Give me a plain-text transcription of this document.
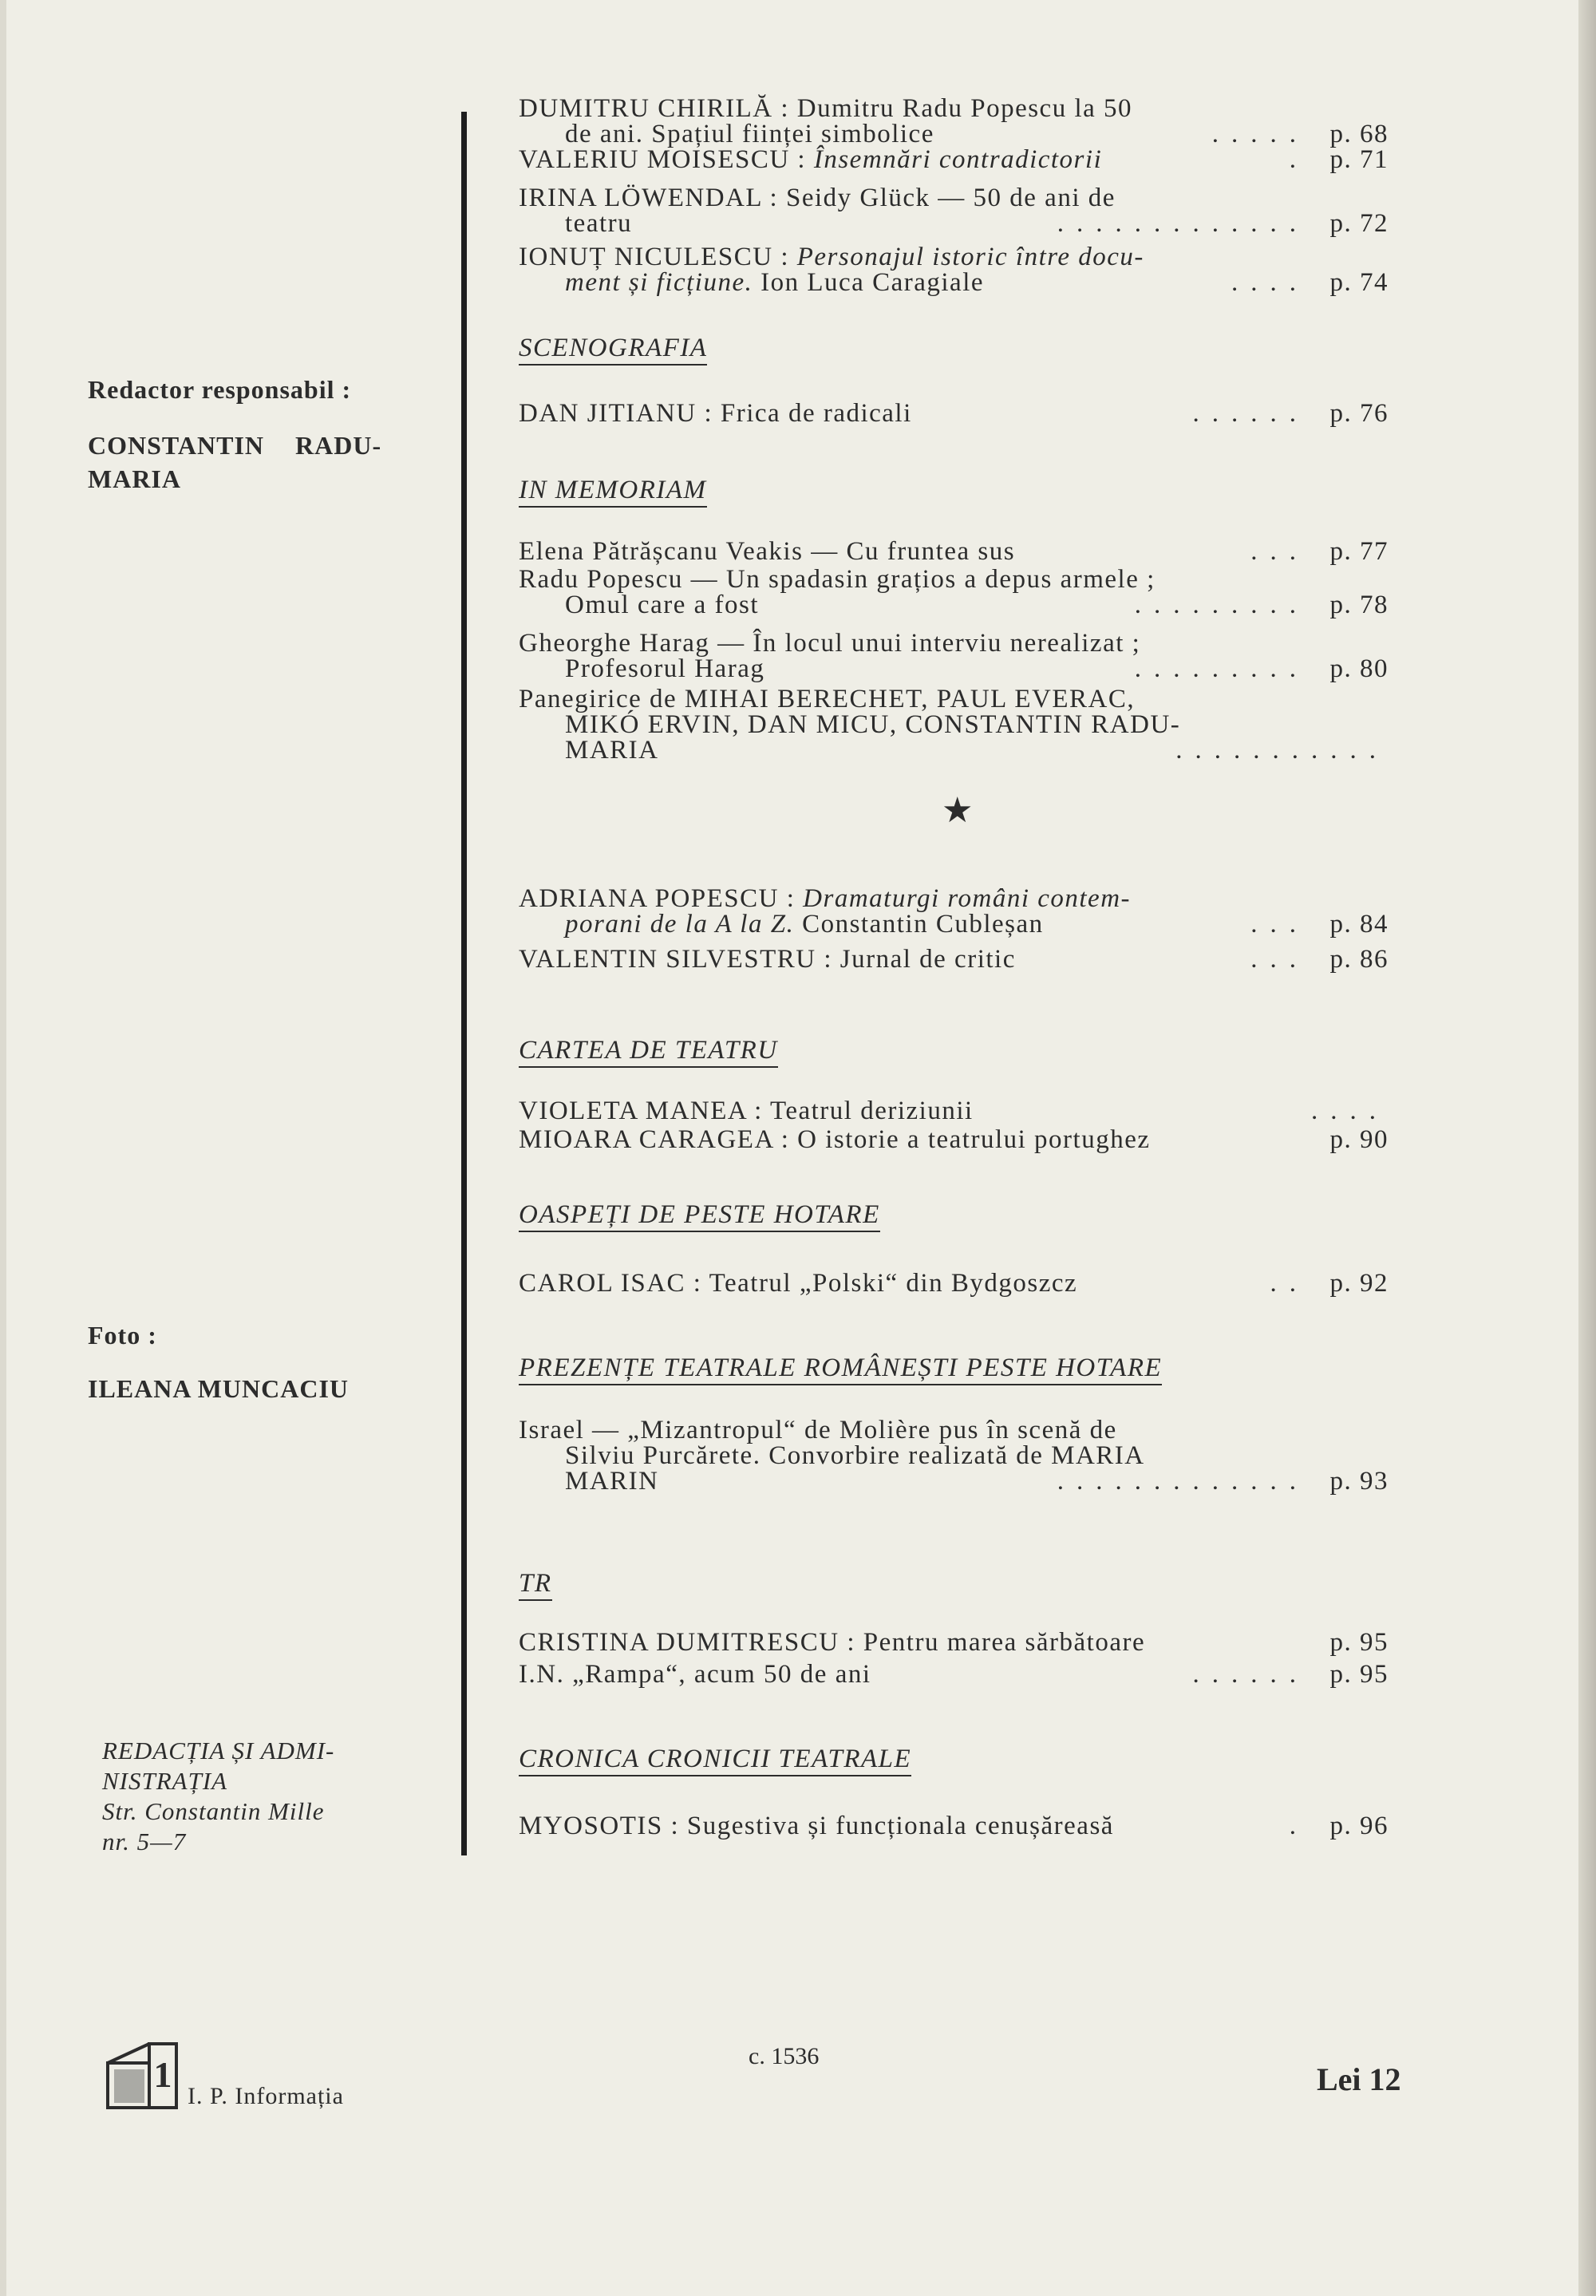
Redactor responsabil :
CONSTANTIN RADU-
MARIA
Foto :
ILEANA MUNCACIU
REDACȚIA ȘI ADMI-
NISTRAȚIA
Str. Constantin Mille
nr. 5—7
DUMITRU CHIRILĂ : Dumitru Radu Popescu la 50
de ani. Spațiul ființei simbolice	..... p. 68
VALERIU MOISESCU : Însemnări contradictorii	. p. 71
IRINA LÖWENDAL : Seidy Glück — 50 de ani de
teatru	............. p. 72
IONUȚ NICULESCU : Personajul istoric între docu-
ment și ficțiune. Ion Luca Caragiale	.... p. 74
SCENOGRAFIA
DAN JITIANU : Frica de radicali	...... p. 76
IN MEMORIAM
Elena Pătrășcanu Veakis — Cu fruntea sus	... p. 77
Radu Popescu — Un spadasin grațios a depus armele ;
Omul care a fost	......... p. 78
Gheorghe Harag — În locul unui interviu nerealizat ;
Profesorul Harag	......... p. 80
Panegirice de MIHAI BERECHET, PAUL EVERAC,
MIKÓ ERVIN, DAN MICU, CONSTANTIN RADU-
MARIA	...........
★
ADRIANA POPESCU : Dramaturgi români contem-
porani de la A la Z. Constantin Cubleșan	... p. 84
VALENTIN SILVESTRU : Jurnal de critic	... p. 86
CARTEA DE TEATRU
VIOLETA MANEA : Teatrul deriziunii	....
MIOARA CARAGEA : O istorie a teatrului portughez	p. 90
OASPEȚI DE PESTE HOTARE
CAROL ISAC : Teatrul „Polski“ din Bydgoszcz	.. p. 92
PREZENȚE TEATRALE ROMÂNEȘTI PESTE HOTARE
Israel — „Mizantropul“ de Molière pus în scenă de
Silviu Purcărete. Convorbire realizată de MARIA
MARIN	............. p. 93
TR
CRISTINA DUMITRESCU : Pentru marea sărbătoare	p. 95
I.N. „Rampa“, acum 50 de ani	...... p. 95
CRONICA CRONICII TEATRALE
MYOSOTIS : Sugestiva și funcționala cenușăreasă	. p. 96
1
I. P. Informația
c. 1536
Lei 12
